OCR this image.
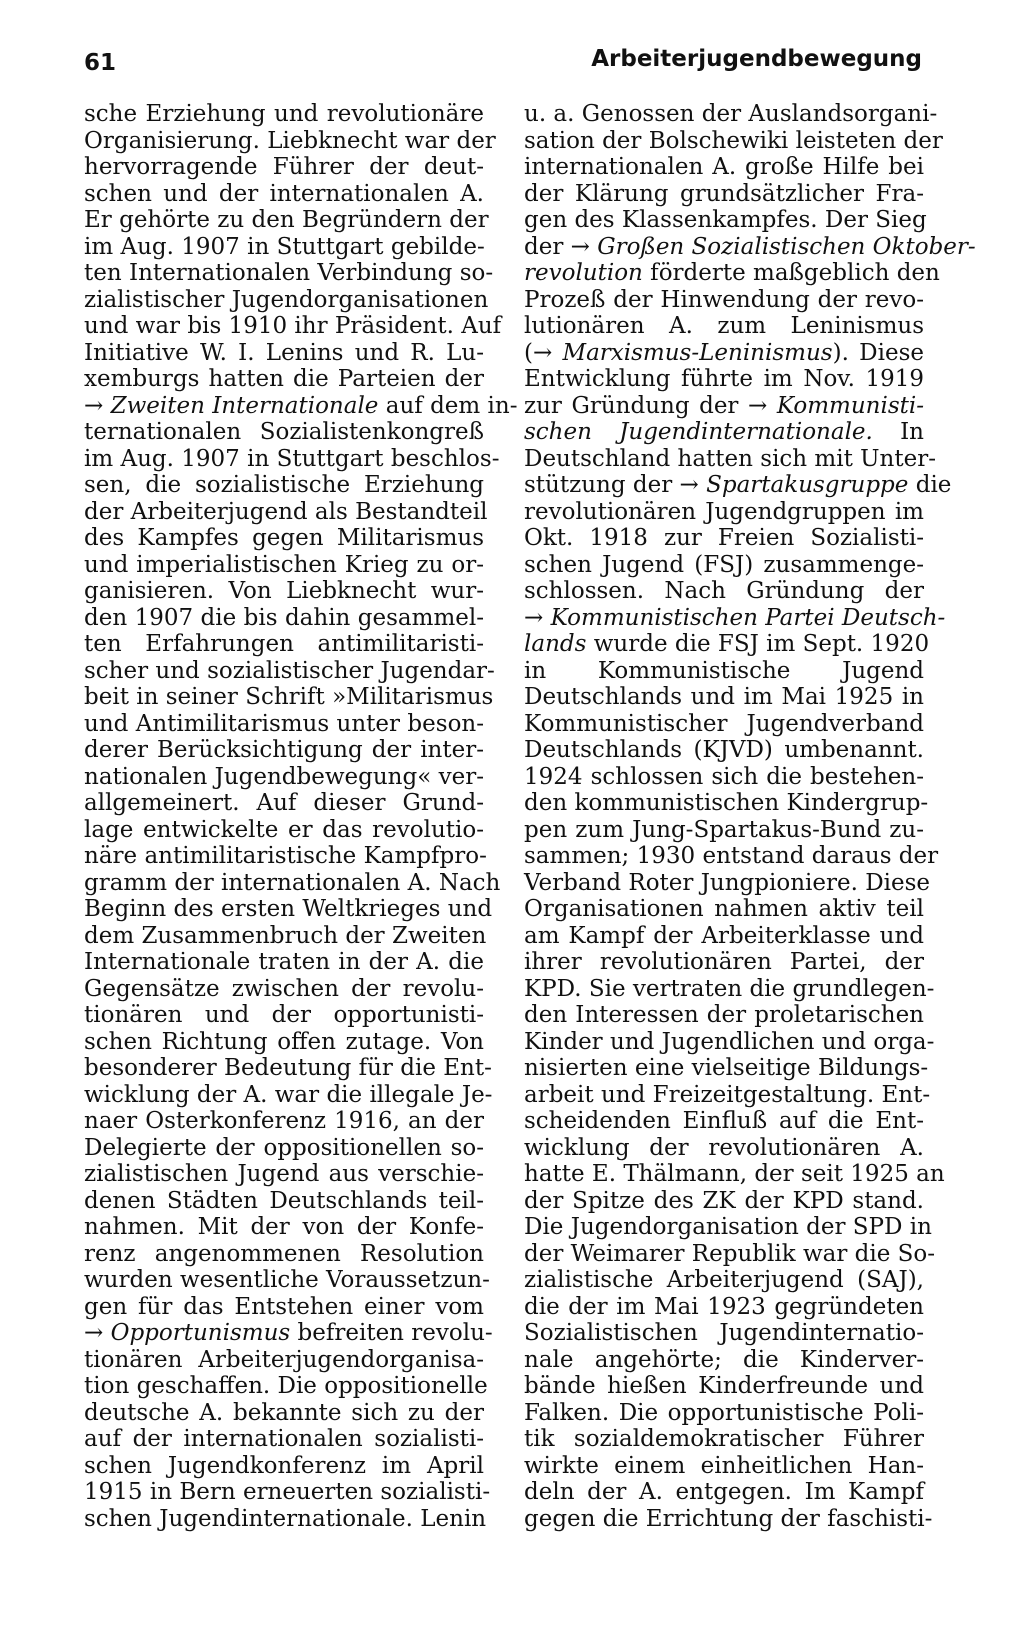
61	Arbeiterjugendbewegung
sche Erziehung und revolutionäre
Organisierung. Liebknecht war der
hervorragende Führer der deut-
schen und der internationalen A.
Er gehörte zu den Begründern der
im Aug. 1907 in Stuttgart gebilde-
ten Internationalen Verbindung so-
zialistischer Jugendorganisationen
und war bis 1910 ihr Präsident. Auf
Initiative W. I. Lenins und R. Lu-
xemburgs hatten die Parteien der
→ Zweiten Internationale auf dem in-
ternationalen Sozialistenkongreß
im Aug. 1907 in Stuttgart beschlos-
sen, die sozialistische Erziehung
der Arbeiterjugend als Bestandteil
des Kampfes gegen Militarismus
und imperialistischen Krieg zu or-
ganisieren. Von Liebknecht wur-
den 1907 die bis dahin gesammel-
ten Erfahrungen antimilitaristi-
scher und sozialistischer Jugendar-
beit in seiner Schrift »Militarismus
und Antimilitarismus unter beson-
derer Berücksichtigung der inter-
nationalen Jugendbewegung« ver-
allgemeinert. Auf dieser Grund-
lage entwickelte er das revolutio-
näre antimilitaristische Kampfpro-
gramm der internationalen A. Nach
Beginn des ersten Weltkrieges und
dem Zusammenbruch der Zweiten
Internationale traten in der A. die
Gegensätze zwischen der revolu-
tionären und der opportunisti-
schen Richtung offen zutage. Von
besonderer Bedeutung für die Ent-
wicklung der A. war die illegale Je-
naer Osterkonferenz 1916, an der
Delegierte der oppositionellen so-
zialistischen Jugend aus verschie-
denen Städten Deutschlands teil-
nahmen. Mit der von der Konfe-
renz angenommenen Resolution
wurden wesentliche Voraussetzun-
gen für das Entstehen einer vom
→ Opportunismus befreiten revolu-
tionären Arbeiterjugendorganisa-
tion geschaffen. Die oppositionelle
deutsche A. bekannte sich zu der
auf der internationalen sozialisti-
schen Jugendkonferenz im April
1915 in Bern erneuerten sozialisti-
schen Jugendinternationale. Lenin
u. a. Genossen der Auslandsorgani-
sation der Bolschewiki leisteten der
internationalen A. große Hilfe bei
der Klärung grundsätzlicher Fra-
gen des Klassenkampfes. Der Sieg
der → Großen Sozialistischen Oktober-
revolution förderte maßgeblich den
Prozeß der Hinwendung der revo-
lutionären A. zum Leninismus
(→ Marxismus-Leninismus). Diese
Entwicklung führte im Nov. 1919
zur Gründung der → Kommunisti-
schen Jugendinternationale. In
Deutschland hatten sich mit Unter-
stützung der → Spartakusgruppe die
revolutionären Jugendgruppen im
Okt. 1918 zur Freien Sozialisti-
schen Jugend (FSJ) zusammenge-
schlossen. Nach Gründung der
→ Kommunistischen Partei Deutsch-
lands wurde die FSJ im Sept. 1920
in Kommunistische Jugend
Deutschlands und im Mai 1925 in
Kommunistischer Jugendverband
Deutschlands (KJVD) umbenannt.
1924 schlossen sich die bestehen-
den kommunistischen Kindergrup-
pen zum Jung-Spartakus-Bund zu-
sammen; 1930 entstand daraus der
Verband Roter Jungpioniere. Diese
Organisationen nahmen aktiv teil
am Kampf der Arbeiterklasse und
ihrer revolutionären Partei, der
KPD. Sie vertraten die grundlegen-
den Interessen der proletarischen
Kinder und Jugendlichen und orga-
nisierten eine vielseitige Bildungs-
arbeit und Freizeitgestaltung. Ent-
scheidenden Einfluß auf die Ent-
wicklung der revolutionären A.
hatte E. Thälmann, der seit 1925 an
der Spitze des ZK der KPD stand.
Die Jugendorganisation der SPD in
der Weimarer Republik war die So-
zialistische Arbeiterjugend (SAJ),
die der im Mai 1923 gegründeten
Sozialistischen Jugendinternatio-
nale angehörte; die Kinderver-
bände hießen Kinderfreunde und
Falken. Die opportunistische Poli-
tik sozialdemokratischer Führer
wirkte einem einheitlichen Han-
deln der A. entgegen. Im Kampf
gegen die Errichtung der faschisti-
